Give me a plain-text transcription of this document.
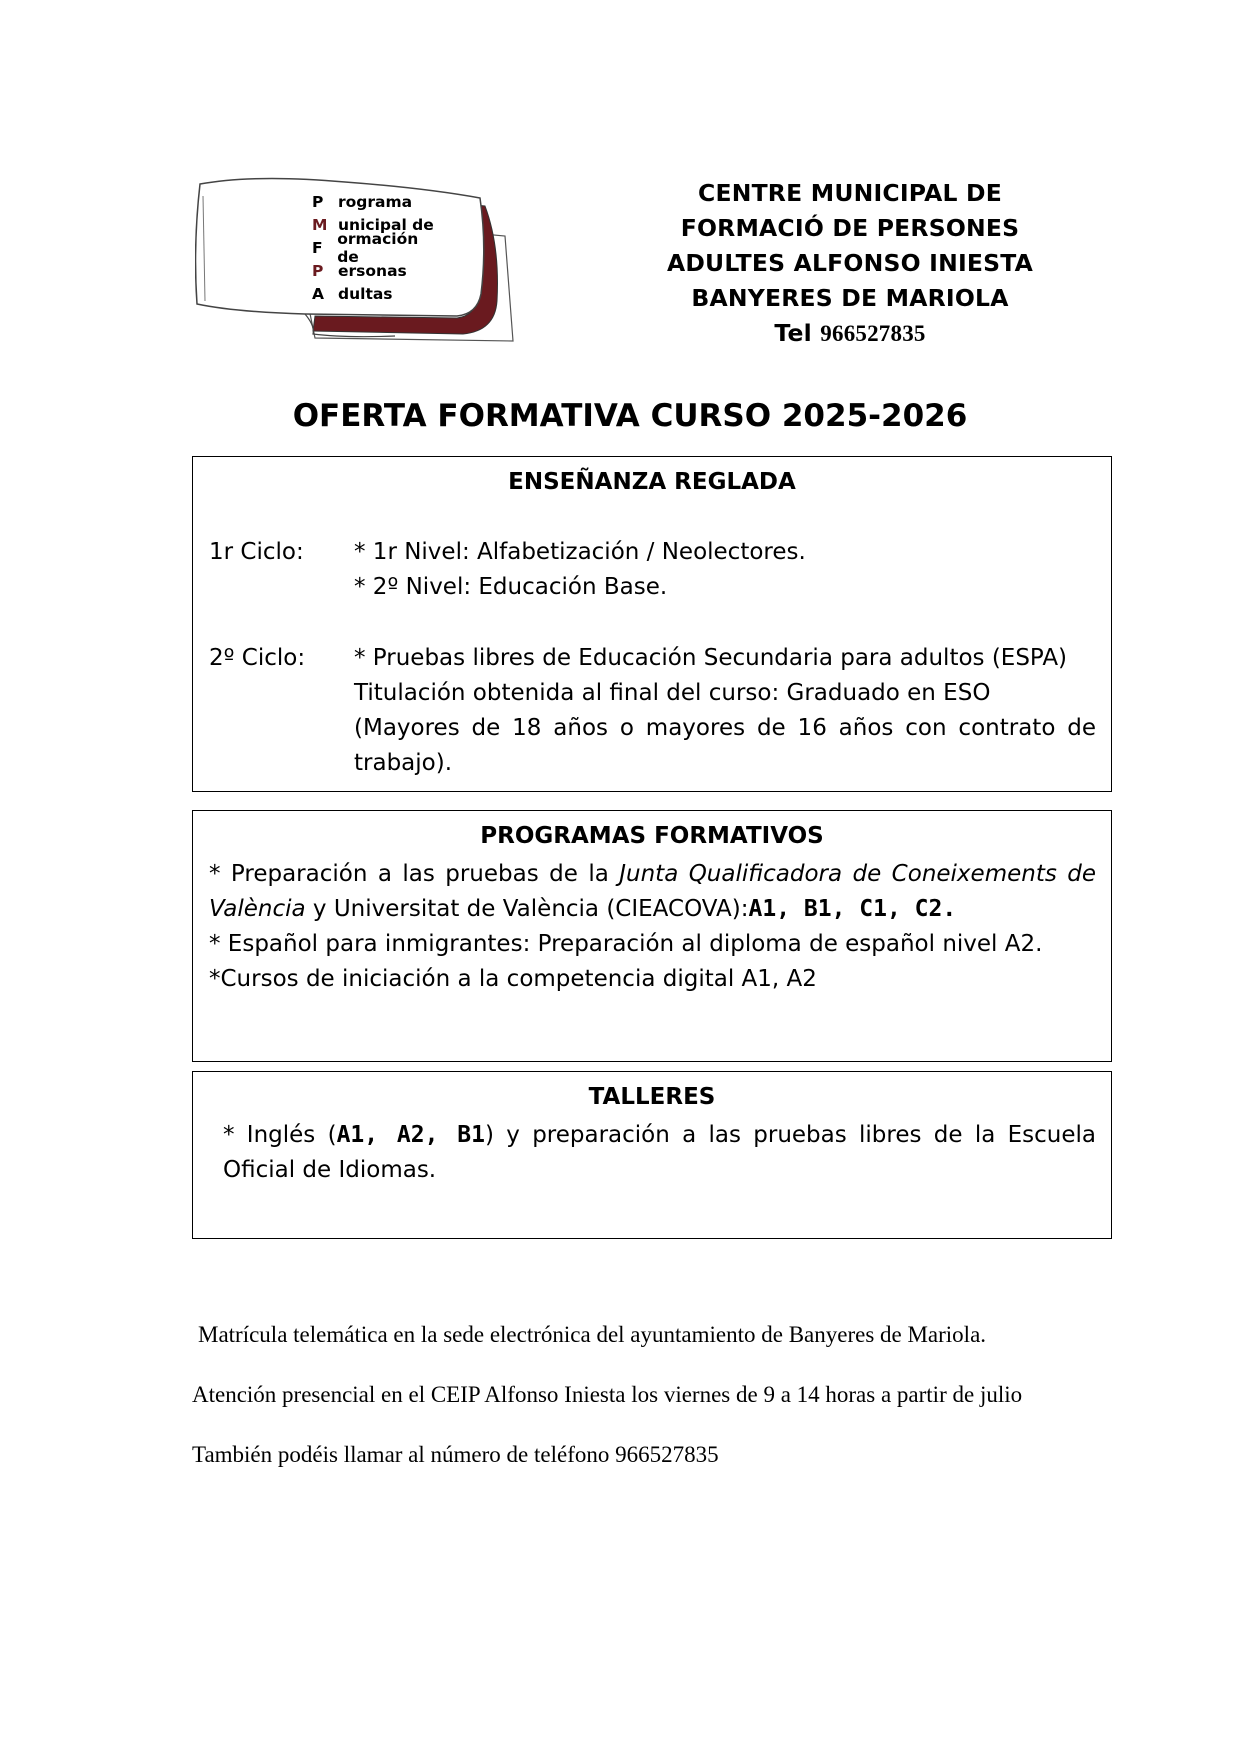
P rograma
M unicipal de
F ormación de
P ersonas
A dultas
CENTRE MUNICIPAL DE
FORMACIÓ DE PERSONES
ADULTES ALFONSO INIESTA
BANYERES DE MARIOLA
Tel 966527835
OFERTA FORMATIVA CURSO 2025-2026
ENSEÑANZA REGLADA
1r Ciclo: * 1r Nivel: Alfabetización / Neolectores.
* 2º Nivel: Educación Base.
2º Ciclo: * Pruebas libres de Educación Secundaria para adultos (ESPA)
Titulación obtenida al final del curso: Graduado en ESO
(Mayores de 18 años o mayores de 16 años con contrato de
trabajo).
PROGRAMAS FORMATIVOS
* Preparación a las pruebas de la Junta Qualificadora de Coneixements de
València y Universitat de València (CIEACOVA):A1, B1, C1, C2.
* Español para inmigrantes: Preparación al diploma de español nivel A2.
*Cursos de iniciación a la competencia digital A1, A2
TALLERES
* Inglés (A1, A2, B1) y preparación a las pruebas libres de la Escuela
Oficial de Idiomas.
Matrícula telemática en la sede electrónica del ayuntamiento de Banyeres de Mariola.
Atención presencial en el CEIP Alfonso Iniesta los viernes de 9 a 14 horas a partir de julio
También podéis llamar al número de teléfono 966527835
